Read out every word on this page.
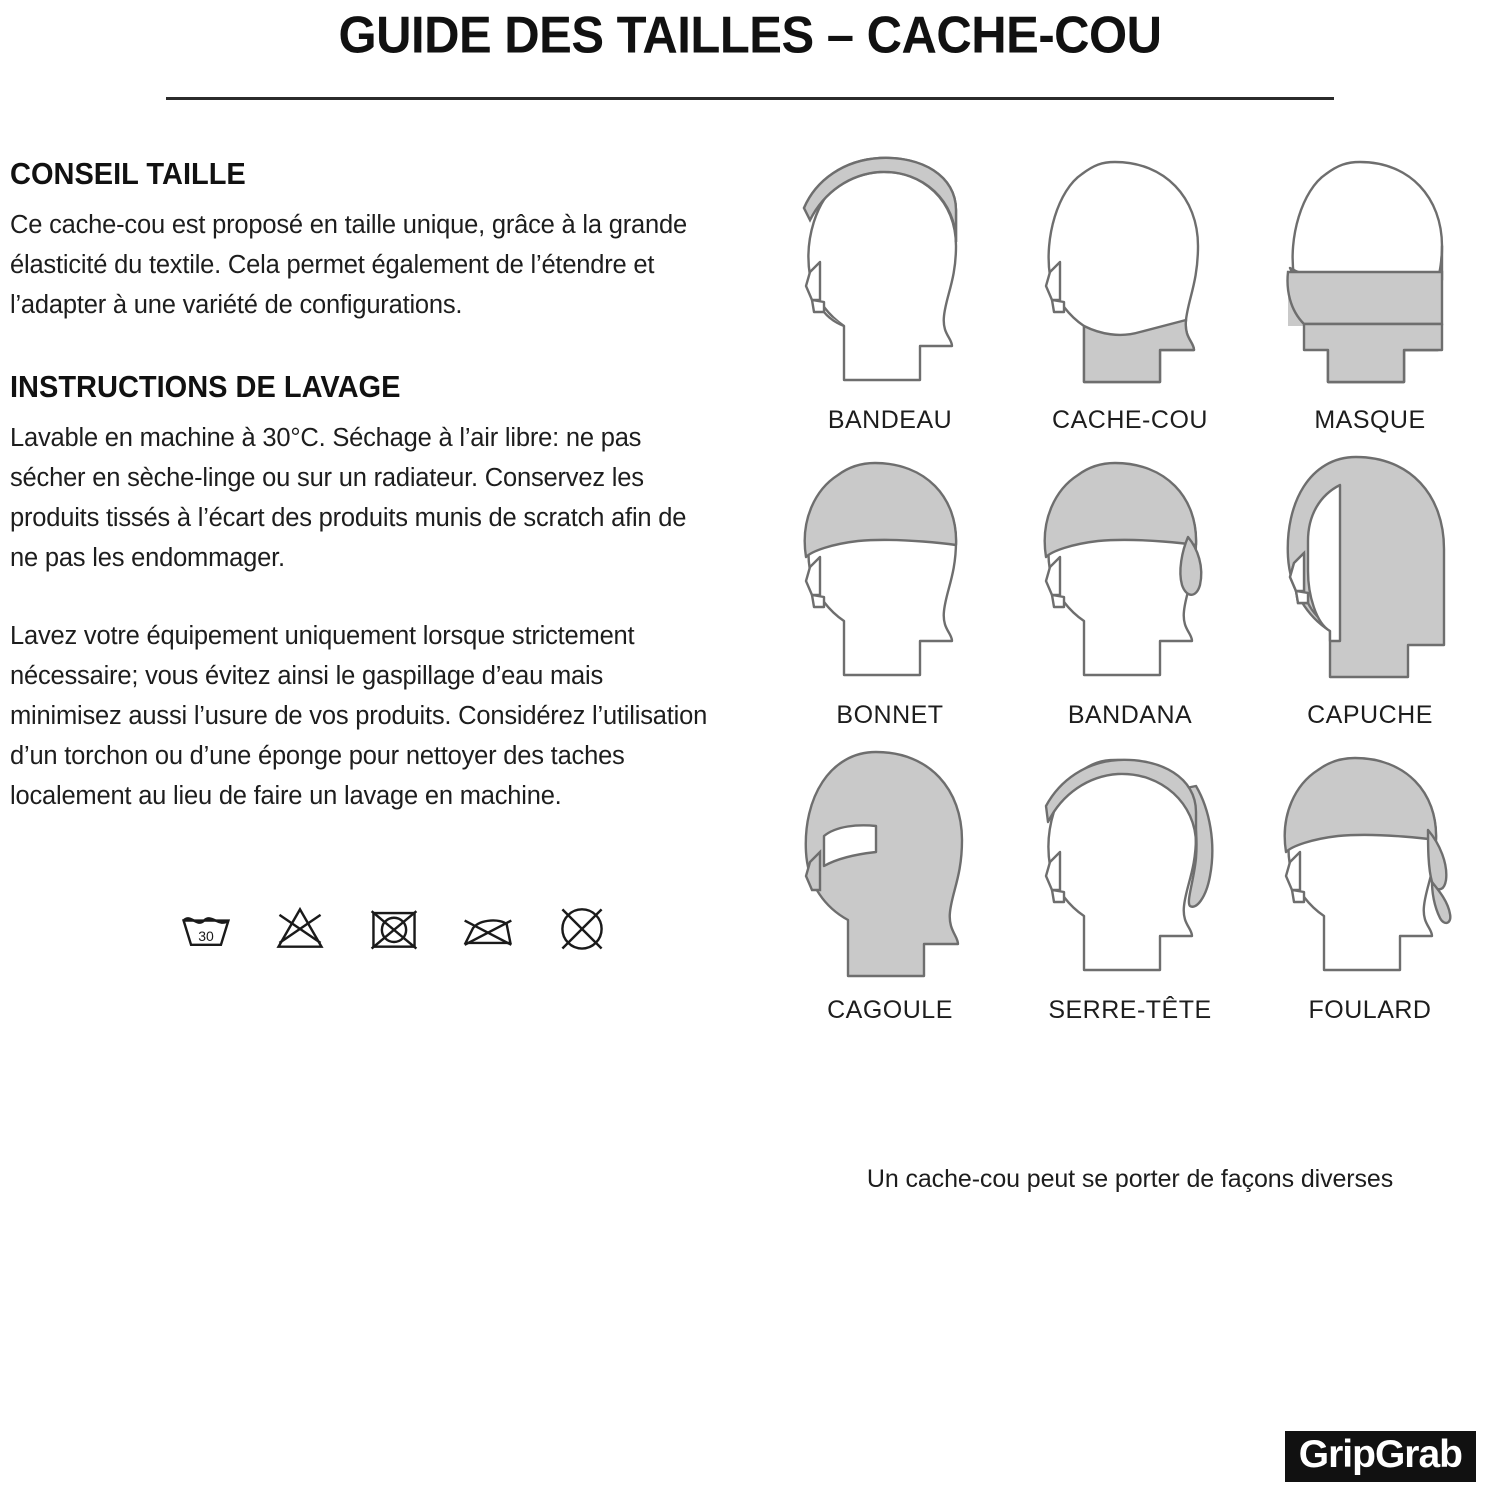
GUIDE DES TAILLES – CACHE-COU
CONSEIL TAILLE

Ce cache-cou est proposé en taille unique, grâce à la grande élasticité du textile. Cela permet également de l’étendre et l’adapter à une variété de configurations.

INSTRUCTIONS DE LAVAGE

Lavable en machine à 30°C. Séchage à l’air libre: ne pas sécher en sèche-linge ou sur un radiateur. Conservez les produits tissés à l’écart des produits munis de scratch afin de ne pas les endommager.

Lavez votre équipement uniquement lorsque strictement nécessaire; vous évitez ainsi le gaspillage d’eau mais minimisez aussi l’usure de vos produits. Considérez l’utilisation d’un torchon ou d’une éponge pour nettoyer des taches localement au lieu de faire un lavage en machine.

30
BANDEAU	CACHE-COU	MASQUE
BONNET	BANDANA	CAPUCHE
CAGOULE	SERRE-TÊTE	FOULARD
Un cache-cou peut se porter de façons diverses
GripGrab
